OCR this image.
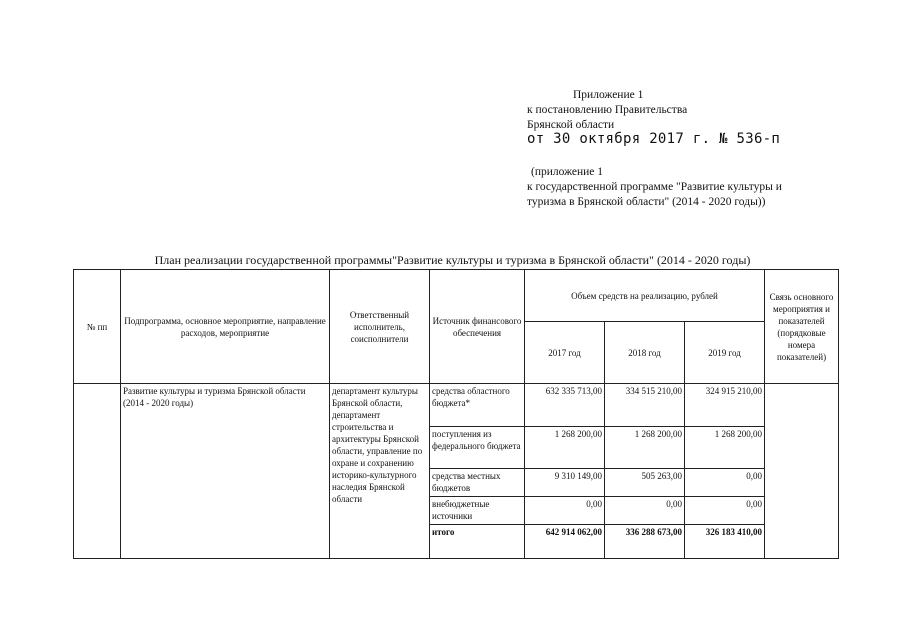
Приложение 1
к постановлению Правительства
Брянской области
от 30 октября 2017 г. № 536-п
(приложение 1
к государственной программе "Развитие культуры и
туризма в Брянской области" (2014 - 2020 годы))
План реализации государственной программы"Развитие культуры и туризма в Брянской области" (2014 - 2020 годы)
№ пп	Подпрограмма, основное мероприятие, направление расходов, мероприятие	Ответственный исполнитель, соисполнители	Источник финансового обеспечения	Объем средств на реализацию, рублей			Связь основного мероприятия и показателей (порядковые номера показателей)
				2017 год	2018 год	2019 год	
	Развитие культуры и туризма Брянской области (2014 - 2020 годы)	департамент культуры Брянской области, департамент строительства и архитектуры Брянской области, управление по охране и сохранению историко-культурного наследия Брянской области	средства областного бюджета*	632 335 713,00	334 515 210,00	324 915 210,00	
			поступления из федерального бюджета	1 268 200,00	1 268 200,00	1 268 200,00	
			средства местных бюджетов	9 310 149,00	505 263,00	0,00	
			внебюджетные источники	0,00	0,00	0,00	
			итого	642 914 062,00	336 288 673,00	326 183 410,00	
